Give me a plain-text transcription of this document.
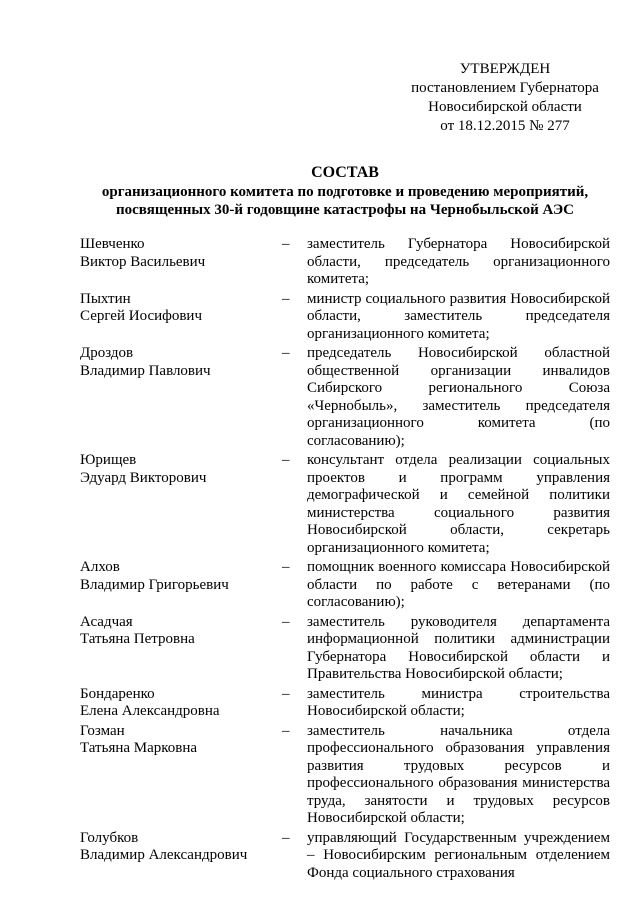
УТВЕРЖДЕН
постановлением Губернатора
Новосибирской области
от 18.12.2015 № 277
СОСТАВ
организационного комитета по подготовке и проведению мероприятий,
посвященных 30-й годовщине катастрофы на Чернобыльской АЭС
Шевченко
Виктор Васильевич
–	заместитель Губернатора Новосибирской области, председатель организационного комитета;
Пыхтин
Сергей Иосифович
–	министр социального развития Новосибирской области, заместитель председателя организационного комитета;
Дроздов
Владимир Павлович
–	председатель Новосибирской областной общественной организации инвалидов Сибирского регионального Союза «Чернобыль», заместитель председателя организационного комитета (по согласованию);
Юрищев
Эдуард Викторович
–	консультант отдела реализации социальных проектов и программ управления демографической и семейной политики министерства социального развития Новосибирской области, секретарь организационного комитета;
Алхов
Владимир Григорьевич
–	помощник военного комиссара Новосибирской области по работе с ветеранами (по согласованию);
Асадчая
Татьяна Петровна
–	заместитель руководителя департамента информационной политики администрации Губернатора Новосибирской области и Правительства Новосибирской области;
Бондаренко
Елена Александровна
–	заместитель министра строительства Новосибирской области;
Гозман
Татьяна Марковна
–	заместитель начальника отдела профессионального образования управления развития трудовых ресурсов и профессионального образования министерства труда, занятости и трудовых ресурсов Новосибирской области;
Голубков
Владимир Александрович
–	управляющий Государственным учреждением – Новосибирским региональным отделением Фонда социального страхования
